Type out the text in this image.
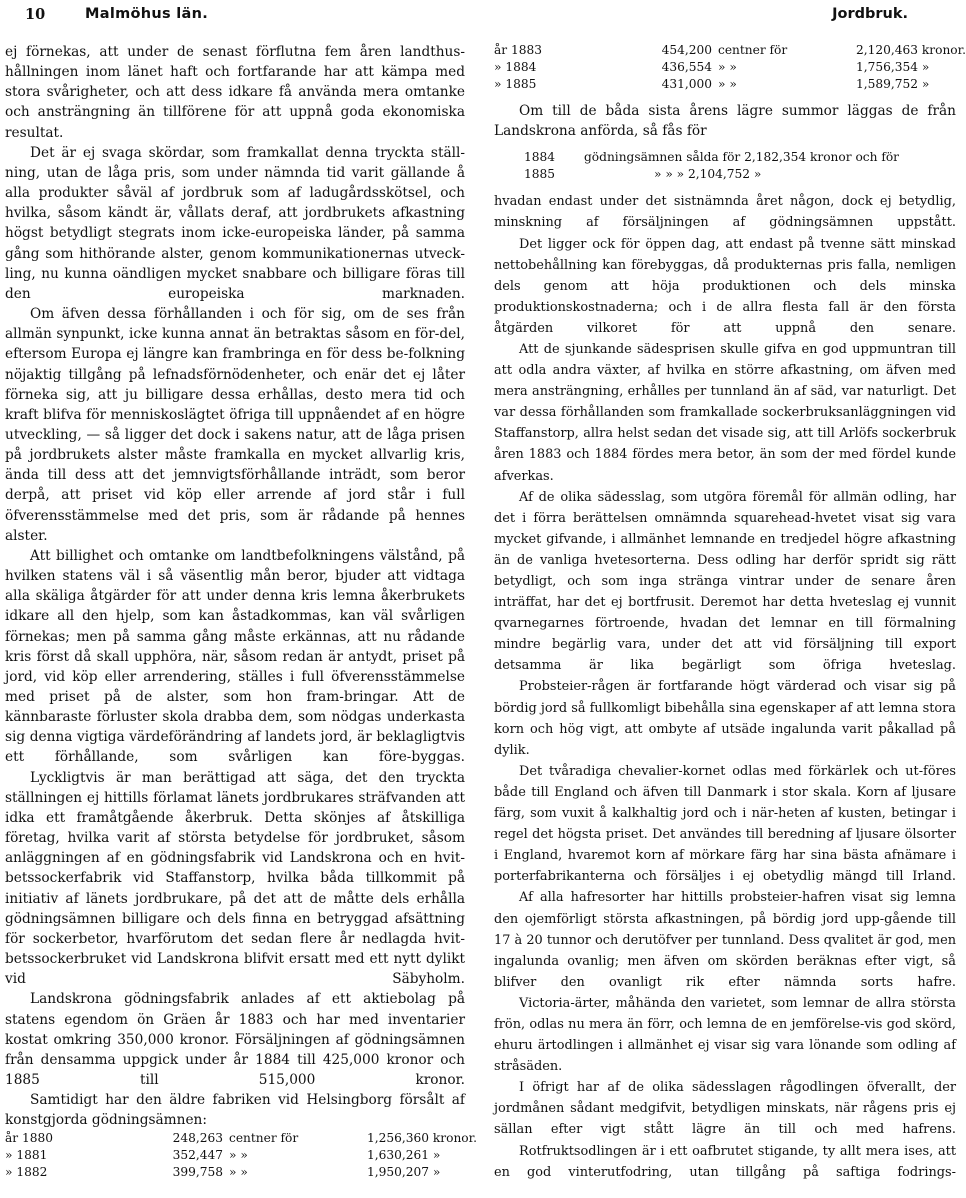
10	Malmöhus län.	Jordbruk.

ej förnekas, att under de senast förflutna fem åren landthus-hållningen inom länet haft och fortfarande har att kämpa med stora svårigheter, och att dess idkare få använda mera omtanke och ansträngning än tillförene för att uppnå goda ekonomiska resultat.

Det är ej svaga skördar, som framkallat denna tryckta ställ-ning, utan de låga pris, som under nämnda tid varit gällande å alla produkter såväl af jordbruk som af ladugårdsskötsel, och hvilka, såsom kändt är, vållats deraf, att jordbrukets afkastning högst betydligt stegrats inom icke-europeiska länder, på samma gång som hithörande alster, genom kommunikationernas utveck-ling, nu kunna oändligen mycket snabbare och billigare föras till den europeiska marknaden.

Om äfven dessa förhållanden i och för sig, om de ses från allmän synpunkt, icke kunna annat än betraktas såsom en för-del, eftersom Europa ej längre kan frambringa en för dess be-folkning nöjaktig tillgång på lefnadsförnödenheter, och enär det ej låter förneka sig, att ju billigare dessa erhållas, desto mera tid och kraft blifva för menniskoslägtet öfriga till uppnåendet af en högre utveckling, — så ligger det dock i sakens natur, att de låga prisen på jordbrukets alster måste framkalla en mycket allvarlig kris, ända till dess att det jemnvigtsförhållande inträdt, som beror derpå, att priset vid köp eller arrende af jord står i full öfverensstämmelse med det pris, som är rådande på hennes alster.

Att billighet och omtanke om landtbefolkningens välstånd, på hvilken statens väl i så väsentlig mån beror, bjuder att vidtaga alla skäliga åtgärder för att under denna kris lemna åkerbrukets idkare all den hjelp, som kan åstadkommas, kan väl svårligen förnekas; men på samma gång måste erkännas, att nu rådande kris först då skall upphöra, när, såsom redan är antydt, priset på jord, vid köp eller arrendering, ställes i full öfverensstämmelse med priset på de alster, som hon fram-bringar. Att de kännbaraste förluster skola drabba dem, som nödgas underkasta sig denna vigtiga värdeförändring af landets jord, är beklagligtvis ett förhållande, som svårligen kan före-byggas.

Lyckligtvis är man berättigad att säga, det den tryckta ställningen ej hittills förlamat länets jordbrukares sträfvanden att idka ett framåtgående åkerbruk. Detta skönjes af åtskilliga företag, hvilka varit af största betydelse för jordbruket, såsom anläggningen af en gödningsfabrik vid Landskrona och en hvit-betssockerfabrik vid Staffanstorp, hvilka båda tillkommit på initiativ af länets jordbrukare, på det att de måtte dels erhålla gödningsämnen billigare och dels finna en betryggad afsättning för sockerbetor, hvarförutom det sedan flere år nedlagda hvit-betssockerbruket vid Landskrona blifvit ersatt med ett nytt dylikt vid Säbyholm.

Landskrona gödningsfabrik anlades af ett aktiebolag på statens egendom ön Gräen år 1883 och har med inventarier kostat omkring 350,000 kronor. Försäljningen af gödningsämnen från densamma uppgick under år 1884 till 425,000 kronor och 1885 till 515,000 kronor.

Samtidigt har den äldre fabriken vid Helsingborg försålt af konstgjorda gödningsämnen:

år 1880	248,263 centner för	1,256,360 kronor.
» 1881	352,447 » »	1,630,261 »
» 1882	399,758 » »	1,950,207 »
år 1883	454,200 centner för	2,120,463 kronor.
» 1884	436,554 » »	1,756,354 »
» 1885	431,000 » »	1,589,752 »

Om till de båda sista årens lägre summor läggas de från Landskrona anförda, så fås för

1884 gödningsämnen sålda för 2,182,354 kronor och för
1885	» » » 2,104,752 »

hvadan endast under det sistnämnda året någon, dock ej betydlig, minskning af försäljningen af gödningsämnen uppstått.

Det ligger ock för öppen dag, att endast på tvenne sätt minskad nettobehållning kan förebyggas, då produkternas pris falla, nemligen dels genom att höja produktionen och dels minska produktionskostnaderna; och i de allra flesta fall är den första åtgärden vilkoret för att uppnå den senare.

Att de sjunkande sädesprisen skulle gifva en god uppmuntran till att odla andra växter, af hvilka en större afkastning, om äfven med mera ansträngning, erhålles per tunnland än af säd, var naturligt. Det var dessa förhållanden som framkallade sockerbruksanläggningen vid Staffanstorp, allra helst sedan det visade sig, att till Arlöfs sockerbruk åren 1883 och 1884 fördes mera betor, än som der med fördel kunde afverkas.

Af de olika sädesslag, som utgöra föremål för allmän odling, har det i förra berättelsen omnämnda squarehead-hvetet visat sig vara mycket gifvande, i allmänhet lemnande en tredjedel högre afkastning än de vanliga hvetesorterna. Dess odling har derför spridt sig rätt betydligt, och som inga stränga vintrar under de senare åren inträffat, har det ej bortfrusit. Deremot har detta hveteslag ej vunnit qvarnegarnes förtroende, hvadan det lemnar en till förmalning mindre begärlig vara, under det att vid försäljning till export detsamma är lika begärligt som öfriga hveteslag.

Probsteier-rågen är fortfarande högt värderad och visar sig på bördig jord så fullkomligt bibehålla sina egenskaper af att lemna stora korn och hög vigt, att ombyte af utsäde ingalunda varit påkallad på dylik.

Det tvåradiga chevalier-kornet odlas med förkärlek och ut-föres både till England och äfven till Danmark i stor skala. Korn af ljusare färg, som vuxit å kalkhaltig jord och i när-heten af kusten, betingar i regel det högsta priset. Det användes till beredning af ljusare ölsorter i England, hvaremot korn af mörkare färg har sina bästa afnämare i porterfabrikanterna och försäljes i ej obetydlig mängd till Irland.

Af alla hafresorter har hittills probsteier-hafren visat sig lemna den ojemförligt största afkastningen, på bördig jord upp-gående till 17 à 20 tunnor och derutöfver per tunnland. Dess qvalitet är god, men ingalunda ovanlig; men äfven om skörden beräknas efter vigt, så blifver den ovanligt rik efter nämnda sorts hafre.

Victoria-ärter, måhända den varietet, som lemnar de allra största frön, odlas nu mera än förr, och lemna de en jemförelse-vis god skörd, ehuru ärtodlingen i allmänhet ej visar sig vara lönande som odling af stråsäden.

I öfrigt har af de olika sädesslagen rågodlingen öfverallt, der jordmånen sådant medgifvit, betydligen minskats, när rågens pris ej sällan efter vigt stått lägre än till och med hafrens.

Rotfruktsodlingen är i ett oafbrutet stigande, ty allt mera ises, att en god vinterutfodring, utan tillgång på saftiga fodrings-
